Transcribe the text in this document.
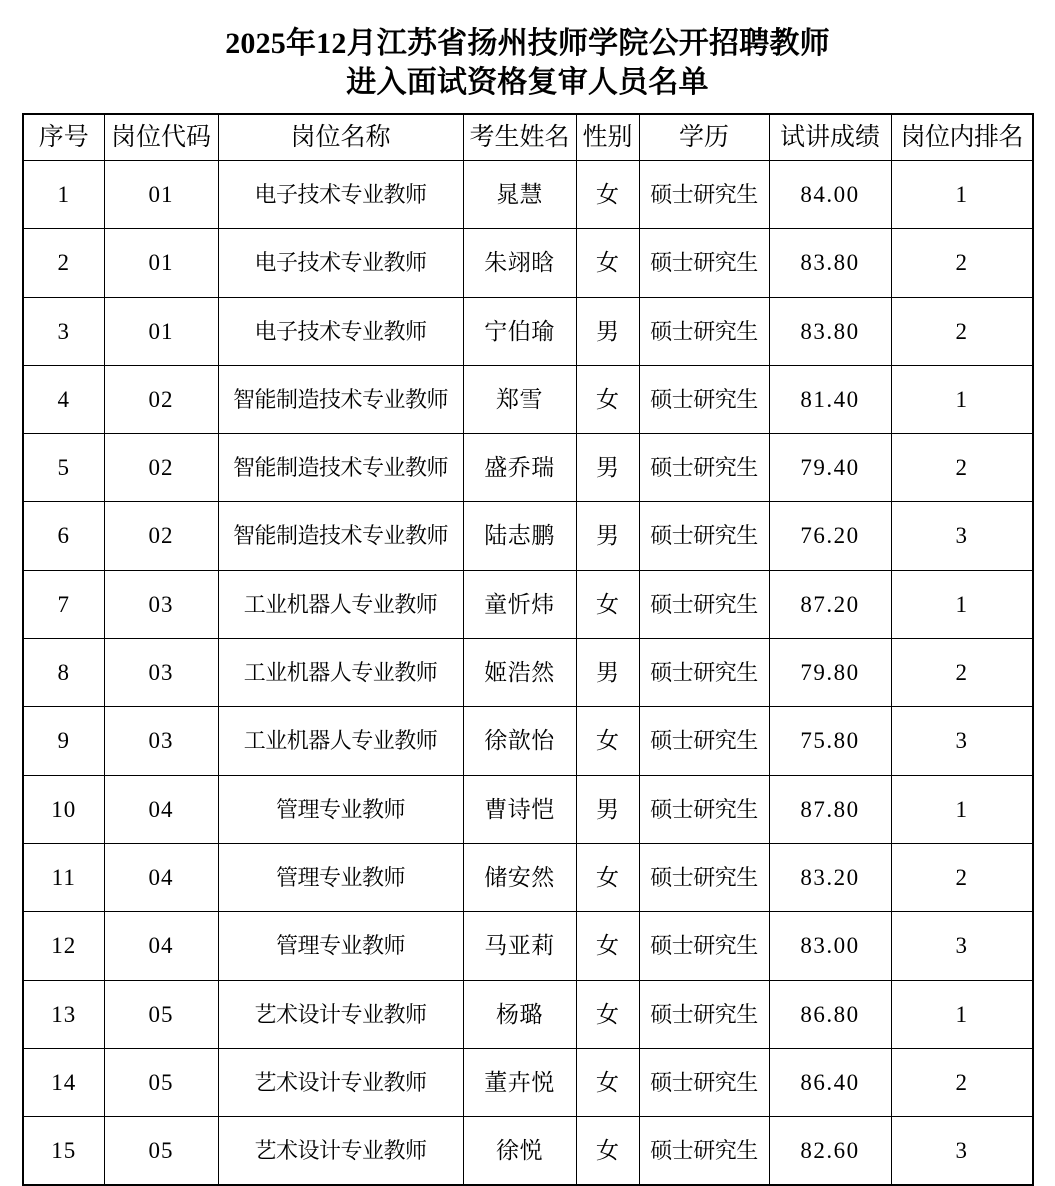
2025年12月江苏省扬州技师学院公开招聘教师
进入面试资格复审人员名单
序号	岗位代码	岗位名称	考生姓名	性别	学历	试讲成绩	岗位内排名
1	01	电子技术专业教师	晁慧	女	硕士研究生	84.00	1
2	01	电子技术专业教师	朱翊晗	女	硕士研究生	83.80	2
3	01	电子技术专业教师	宁伯瑜	男	硕士研究生	83.80	2
4	02	智能制造技术专业教师	郑雪	女	硕士研究生	81.40	1
5	02	智能制造技术专业教师	盛乔瑞	男	硕士研究生	79.40	2
6	02	智能制造技术专业教师	陆志鹏	男	硕士研究生	76.20	3
7	03	工业机器人专业教师	童忻炜	女	硕士研究生	87.20	1
8	03	工业机器人专业教师	姬浩然	男	硕士研究生	79.80	2
9	03	工业机器人专业教师	徐歆怡	女	硕士研究生	75.80	3
10	04	管理专业教师	曹诗恺	男	硕士研究生	87.80	1
11	04	管理专业教师	储安然	女	硕士研究生	83.20	2
12	04	管理专业教师	马亚莉	女	硕士研究生	83.00	3
13	05	艺术设计专业教师	杨璐	女	硕士研究生	86.80	1
14	05	艺术设计专业教师	董卉悦	女	硕士研究生	86.40	2
15	05	艺术设计专业教师	徐悦	女	硕士研究生	82.60	3
